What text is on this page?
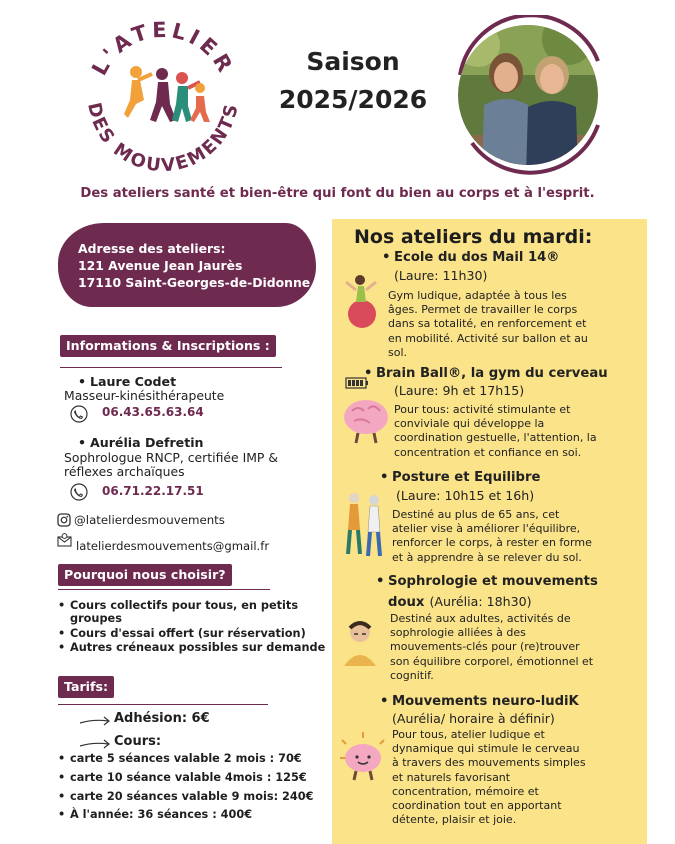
L'ATELIER
DES MOUVEMENTS
Saison
2025/2026
Des ateliers santé et bien-être qui font du bien au corps et à l'esprit.
Adresse des ateliers:
121 Avenue Jean Jaurès
17110 Saint-Georges-de-Didonne
Informations & Inscriptions :
• Laure Codet
Masseur-kinésithérapeute
06.43.65.63.64
• Aurélia Defretin
Sophrologue RNCP, certifiée IMP &
réflexes archaïques
06.71.22.17.51
@latelierdesmouvements
latelierdesmouvements@gmail.fr
Pourquoi nous choisir?
• Cours collectifs pour tous, en petits
groupes
• Cours d'essai offert (sur réservation)
• Autres créneaux possibles sur demande
Tarifs:
Adhésion: 6€
Cours:
• carte 5 séances valable 2 mois : 70€
• carte 10 séance valable 4mois : 125€
• carte 20 séances valable 9 mois: 240€
• À l'année: 36 séances : 400€
Nos ateliers du mardi:
• Ecole du dos Mail 14®
(Laure: 11h30)
Gym ludique, adaptée à tous les
âges. Permet de travailler le corps
dans sa totalité, en renforcement et
en mobilité. Activité sur ballon et au
sol.
• Brain Ball®, la gym du cerveau
(Laure: 9h et 17h15)
Pour tous: activité stimulante et
conviviale qui développe la
coordination gestuelle, l'attention, la
concentration et confiance en soi.
• Posture et Equilibre
(Laure: 10h15 et 16h)
Destiné au plus de 65 ans, cet
atelier vise à améliorer l'équilibre,
renforcer le corps, à rester en forme
et à apprendre à se relever du sol.
• Sophrologie et mouvements
doux (Aurélia: 18h30)
Destiné aux adultes, activités de
sophrologie alliées à des
mouvements-clés pour (re)trouver
son équilibre corporel, émotionnel et
cognitif.
• Mouvements neuro-ludiK
(Aurélia/ horaire à définir)
Pour tous, atelier ludique et
dynamique qui stimule le cerveau
à travers des mouvements simples
et naturels favorisant
concentration, mémoire et
coordination tout en apportant
détente, plaisir et joie.
